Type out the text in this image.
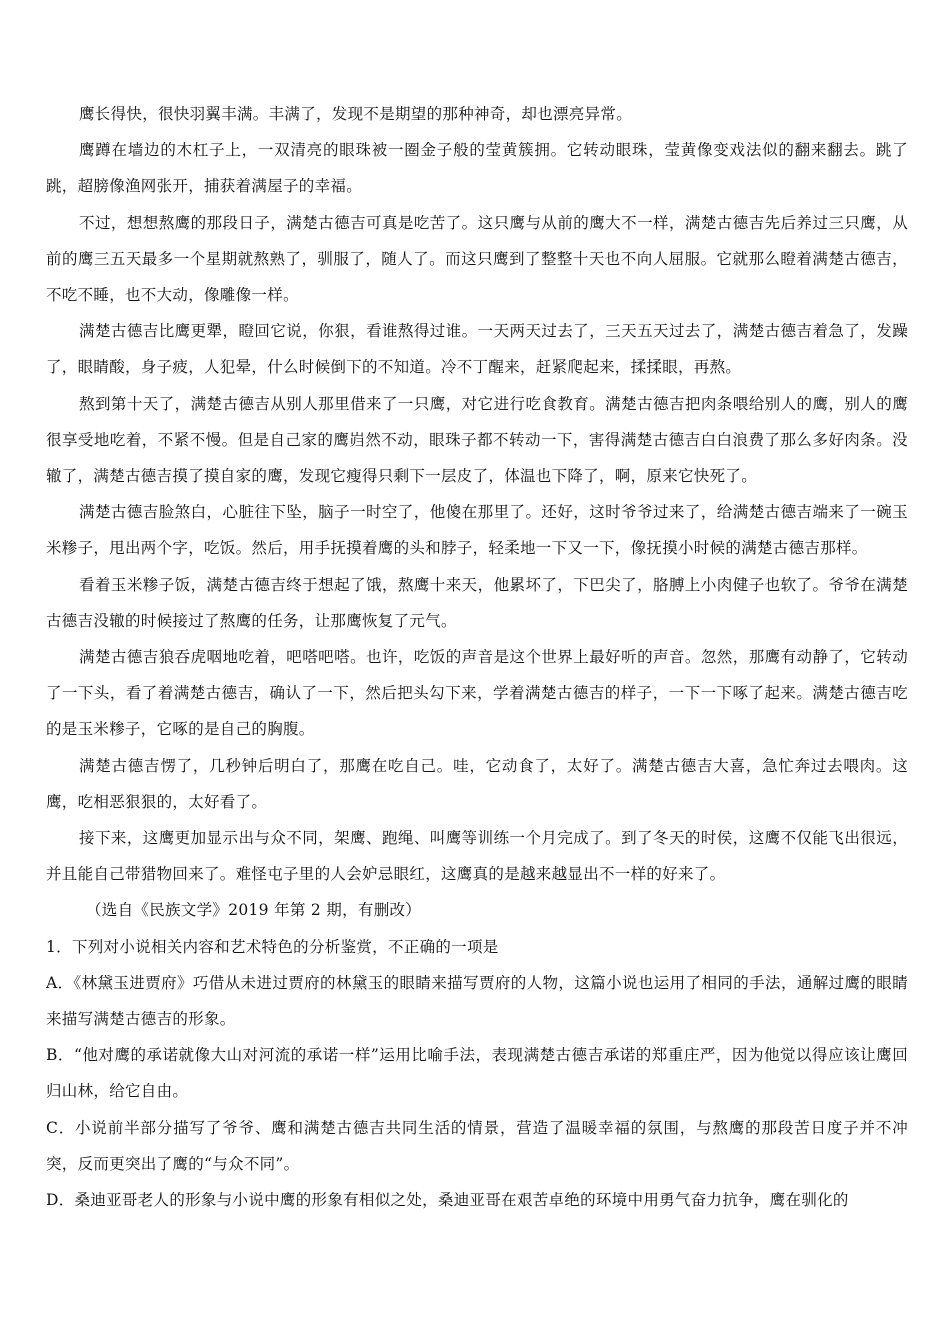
鹰长得快，很快羽翼丰满。丰满了，发现不是期望的那种神奇，却也漂亮异常。

鹰蹲在墙边的木杠子上，一双清亮的眼珠被一圈金子般的莹黄簇拥。它转动眼珠，莹黄像变戏法似的翻来翻去。跳了跳，超膀像渔网张开，捕获着满屋子的幸福。

不过，想想熬鹰的那段日子，满楚古德吉可真是吃苦了。这只鹰与从前的鹰大不一样，满楚古德吉先后养过三只鹰，从前的鹰三五天最多一个星期就熬熟了，驯服了，随人了。而这只鹰到了整整十天也不向人屈服。它就那么瞪着满楚古德吉，不吃不睡，也不大动，像雕像一样。

满楚古德吉比鹰更犟，瞪回它说，你狠，看谁熬得过谁。一天两天过去了，三天五天过去了，满楚古德吉着急了，发躁了，眼睛酸，身子疲，人犯晕，什么时候倒下的不知道。冷不丁醒来，赶紧爬起来，揉揉眼，再熬。

熬到第十天了，满楚古德吉从别人那里借来了一只鹰，对它进行吃食教育。满楚古德吉把肉条喂给别人的鹰，别人的鹰很享受地吃着，不紧不慢。但是自己家的鹰岿然不动，眼珠子都不转动一下，害得满楚古德吉白白浪费了那么多好肉条。没辙了，满楚古德吉摸了摸自家的鹰，发现它瘦得只剩下一层皮了，体温也下降了，啊，原来它快死了。

满楚古德吉脸煞白，心脏往下坠，脑子一时空了，他傻在那里了。还好，这时爷爷过来了，给满楚古德吉端来了一碗玉米糁子，甩出两个字，吃饭。然后，用手抚摸着鹰的头和脖子，轻柔地一下又一下，像抚摸小时候的满楚古德吉那样。

看着玉米糁子饭，满楚古德吉终于想起了饿，熬鹰十来天，他累坏了，下巴尖了，胳膊上小肉健子也软了。爷爷在满楚古德吉没辙的时候接过了熬鹰的任务，让那鹰恢复了元气。

满楚古德吉狼吞虎咽地吃着，吧嗒吧嗒。也许，吃饭的声音是这个世界上最好听的声音。忽然，那鹰有动静了，它转动了一下头，看了着满楚古德吉，确认了一下，然后把头勾下来，学着满楚古德吉的样子，一下一下啄了起来。满楚古德吉吃的是玉米糁子，它啄的是自己的胸腹。

满楚古德吉愣了，几秒钟后明白了，那鹰在吃自己。哇，它动食了，太好了。满楚古德吉大喜，急忙奔过去喂肉。这鹰，吃相恶狠狠的，太好看了。

接下来，这鹰更加显示出与众不同，架鹰、跑绳、叫鹰等训练一个月完成了。到了冬天的时侯，这鹰不仅能飞出很远，并且能自己带猎物回来了。难怪屯子里的人会妒忌眼红，这鹰真的是越来越显出不一样的好来了。

（选自《民族文学》2019 年第 2 期，有删改）

1．下列对小说相关内容和艺术特色的分析鉴赏，不正确的一项是

A．《林黛玉进贾府》巧借从未进过贾府的林黛玉的眼睛来描写贾府的人物，这篇小说也运用了相同的手法，通解过鹰的眼睛来描写满楚古德吉的形象。

B．“他对鹰的承诺就像大山对河流的承诺一样”运用比喻手法，表现满楚古德吉承诺的郑重庄严，因为他觉以得应该让鹰回归山林，给它自由。

C．小说前半部分描写了爷爷、鹰和满楚古德吉共同生活的情景，营造了温暖幸福的氛围，与熬鹰的那段苦日度子并不冲突，反而更突出了鹰的“与众不同”。

D．桑迪亚哥老人的形象与小说中鹰的形象有相似之处，桑迪亚哥在艰苦卓绝的环境中用勇气奋力抗争，鹰在驯化的
